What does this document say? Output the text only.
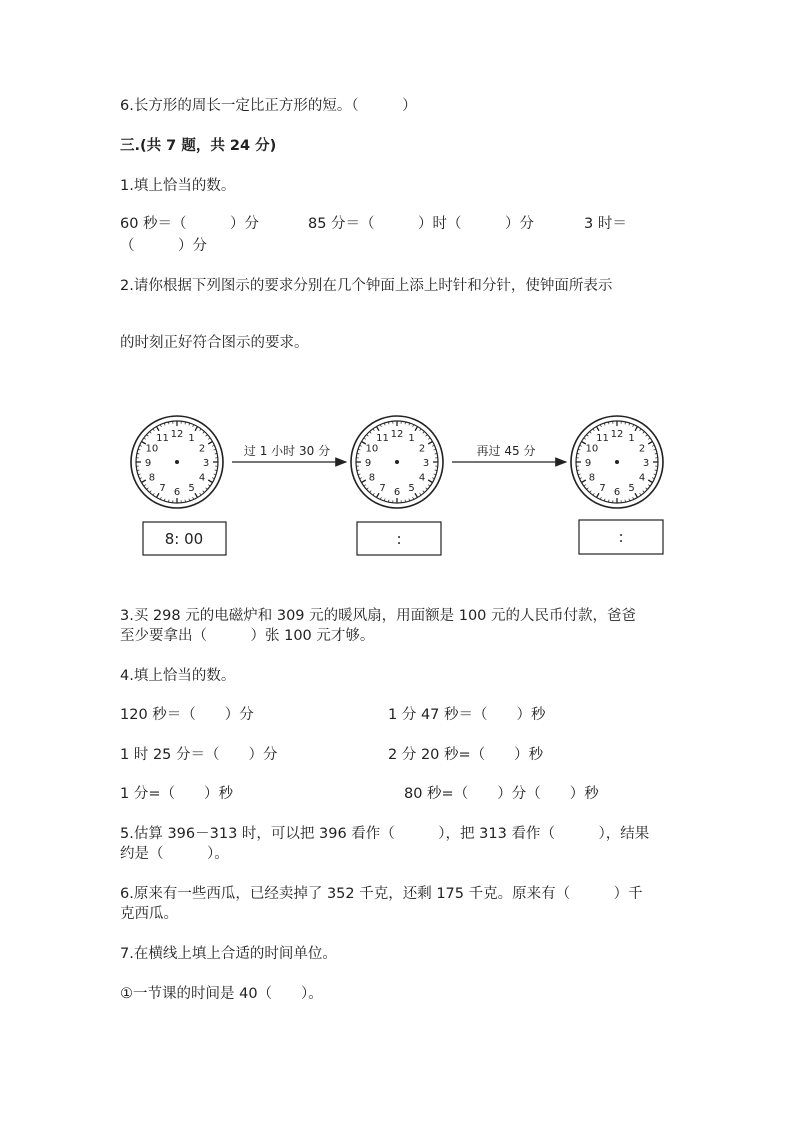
6.长方形的周长一定比正方形的短。（　　　）
三.(共 7 题，共 24 分)
1.填上恰当的数。
60 秒＝（　　　）分	85 分＝（　　　）时（　　　）分	3 时＝
（　　　）分
2.请你根据下列图示的要求分别在几个钟面上添上时针和分针，使钟面所表示
的时刻正好符合图示的要求。
12 1
2
3
4
5
6
7
8
9
10
11	12 1
2
3
4
5
6
7
8
9
10
11	12 1
2
3
4
5
6
7
8
9
10
11
过 1 小时 30 分	再过 45 分
8: 00	:	:
3.买 298 元的电磁炉和 309 元的暖风扇，用面额是 100 元的人民币付款，爸爸
至少要拿出（　　　）张 100 元才够。
4.填上恰当的数。
120 秒＝（　　）分	1 分 47 秒＝（　　）秒
1 时 25 分＝（　　）分	2 分 20 秒=（　　）秒
1 分=（　　）秒	80 秒=（　　）分（　　）秒
5.估算 396－313 时，可以把 396 看作（　　　），把 313 看作（　　　），结果
约是（　　　）。
6.原来有一些西瓜，已经卖掉了 352 千克，还剩 175 千克。原来有（　　　）千
克西瓜。
7.在横线上填上合适的时间单位。
①一节课的时间是 40（　　）。
